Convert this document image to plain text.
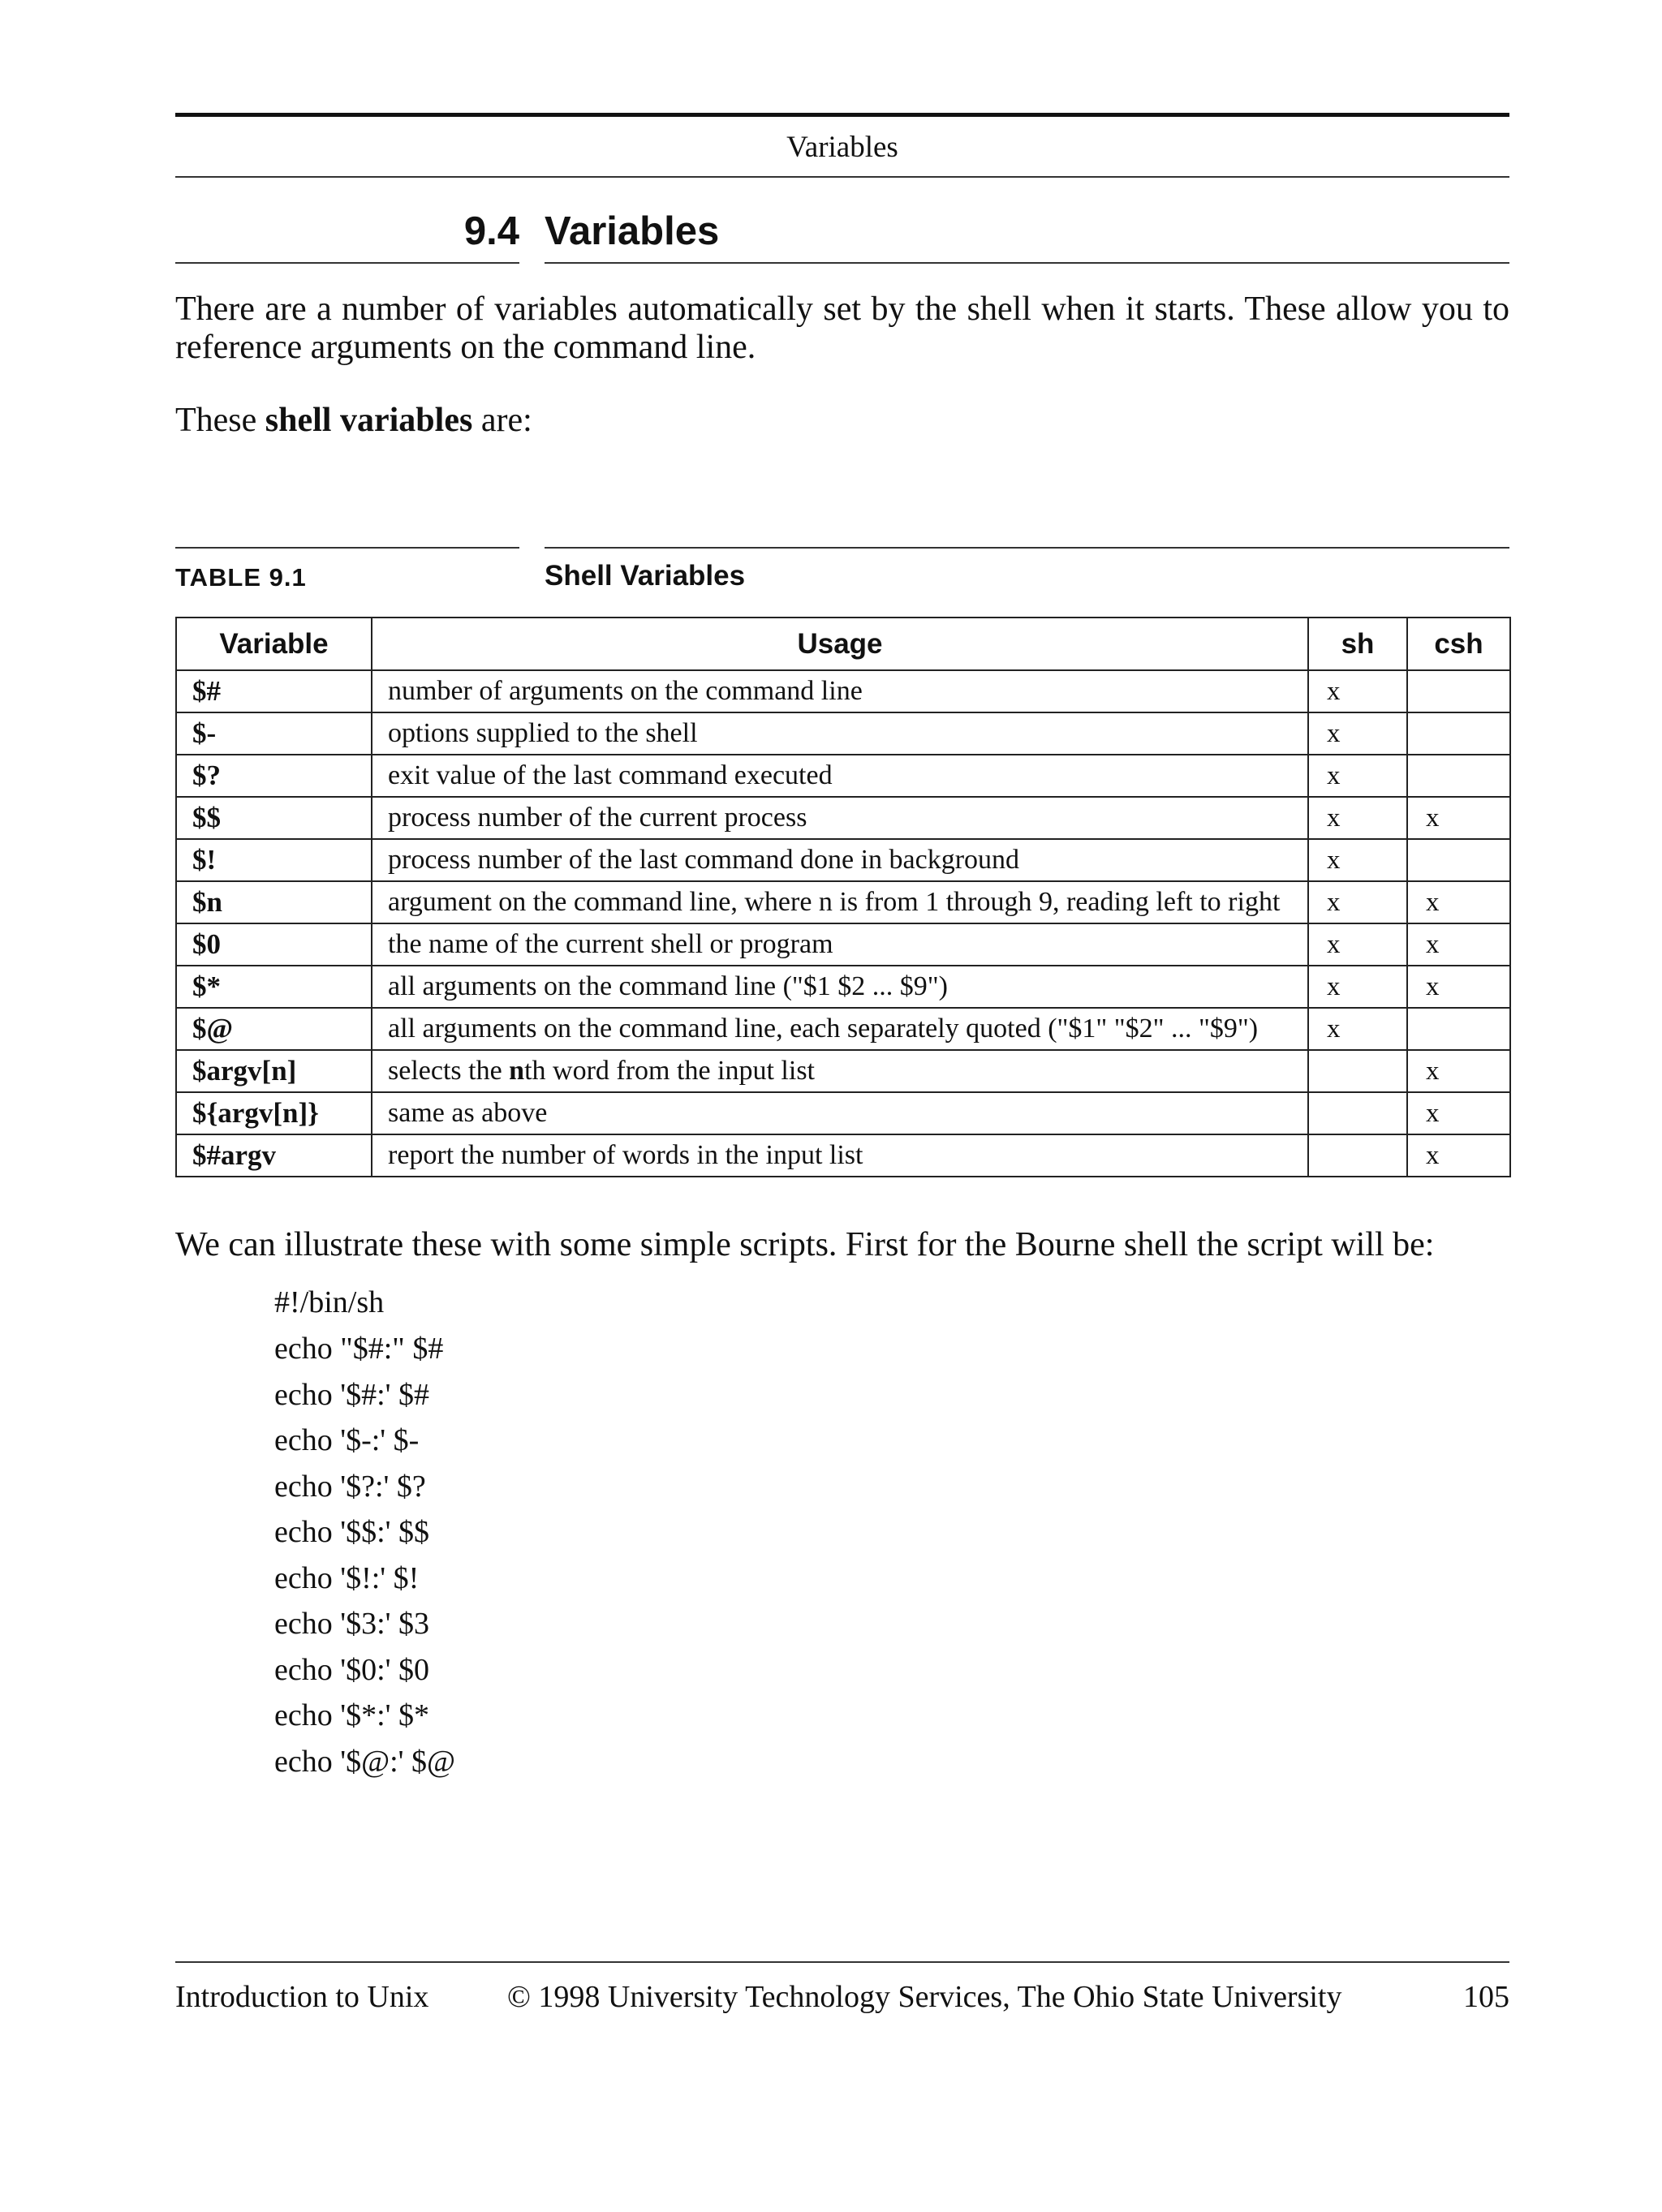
Variables
9.4 Variables
There are a number of variables automatically set by the shell when it starts. These allow you to reference arguments on the command line.
These shell variables are:
TABLE 9.1	Shell Variables
Variable	Usage	sh	csh
$#	number of arguments on the command line	x	
$-	options supplied to the shell	x	
$?	exit value of the last command executed	x	
$$	process number of the current process	x	x
$!	process number of the last command done in background	x	
$n	argument on the command line, where n is from 1 through 9, reading left to right	x	x
$0	the name of the current shell or program	x	x
$*	all arguments on the command line ("$1 $2 ... $9")	x	x
$@	all arguments on the command line, each separately quoted ("$1" "$2" ... "$9")	x	
$argv[n]	selects the nth word from the input list		x
${argv[n]}	same as above		x
$#argv	report the number of words in the input list		x
We can illustrate these with some simple scripts. First for the Bourne shell the script will be:
#!/bin/sh
echo "$#:" $#
echo '$#:' $#
echo '$-:' $-
echo '$?:' $?
echo '$$:' $$
echo '$!:' $!
echo '$3:' $3
echo '$0:' $0
echo '$*:' $*
echo '$@:' $@
Introduction to Unix	© 1998 University Technology Services, The Ohio State University	105
